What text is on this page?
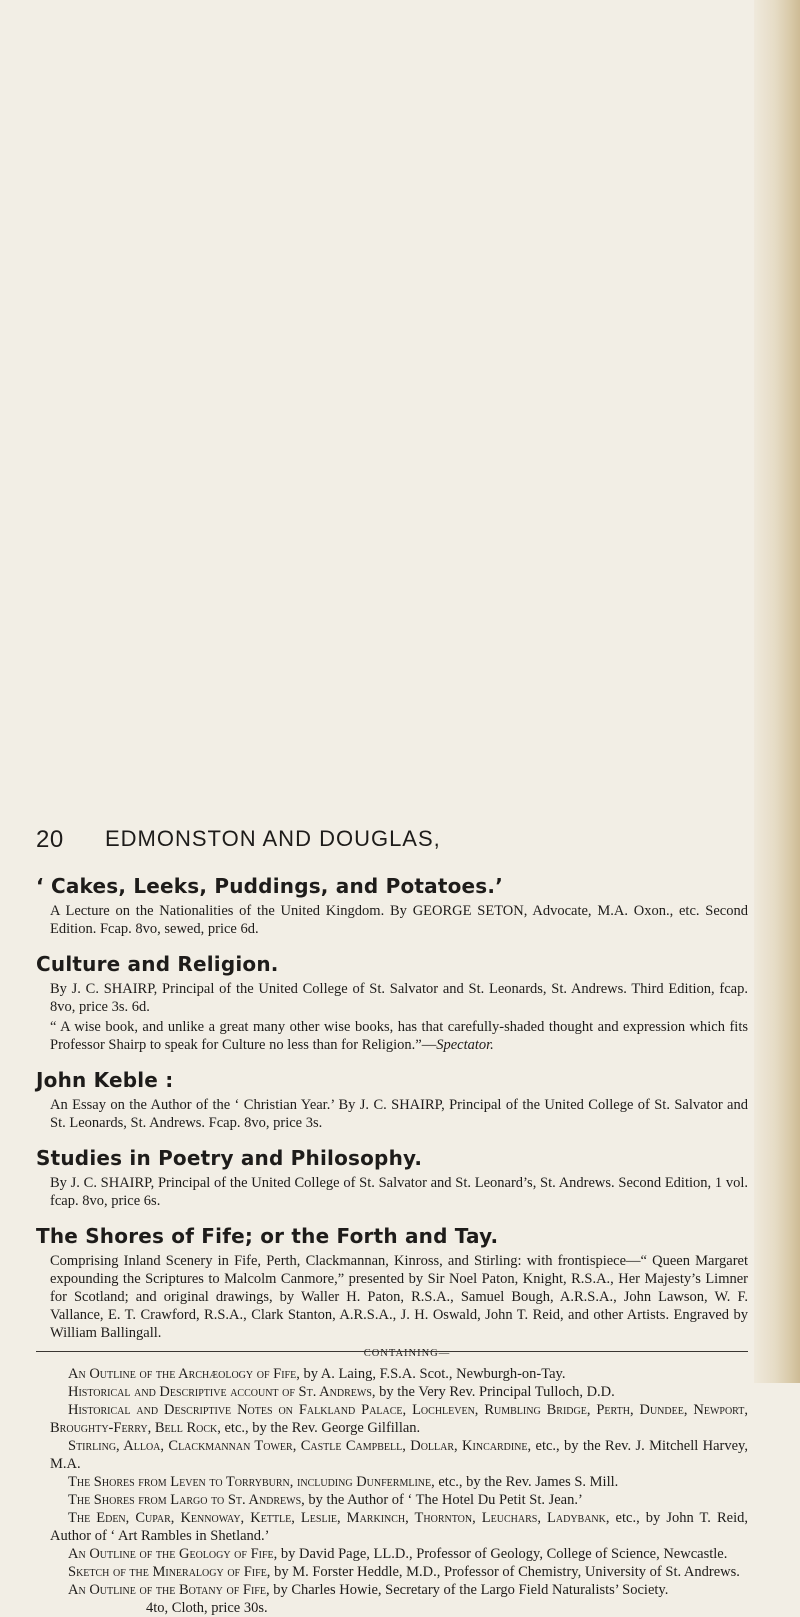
20 EDMONSTON AND DOUGLAS,
‘ Cakes, Leeks, Puddings, and Potatoes.’

A Lecture on the Nationalities of the United Kingdom. By GEORGE SETON, Advocate, M.A. Oxon., etc. Second Edition. Fcap. 8vo, sewed, price 6d.

Culture and Religion.

By J. C. SHAIRP, Principal of the United College of St. Salvator and St. Leonards, St. Andrews. Third Edition, fcap. 8vo, price 3s. 6d.

“ A wise book, and unlike a great many other wise books, has that carefully-shaded thought and expression which fits Professor Shairp to speak for Culture no less than for Religion.”—Spectator.

John Keble :

An Essay on the Author of the ‘ Christian Year.’ By J. C. SHAIRP, Principal of the United College of St. Salvator and St. Leonards, St. Andrews. Fcap. 8vo, price 3s.

Studies in Poetry and Philosophy.

By J. C. SHAIRP, Principal of the United College of St. Salvator and St. Leonard’s, St. Andrews. Second Edition, 1 vol. fcap. 8vo, price 6s.

The Shores of Fife; or the Forth and Tay.

Comprising Inland Scenery in Fife, Perth, Clackmannan, Kinross, and Stirling: with frontispiece—“ Queen Margaret expounding the Scriptures to Malcolm Canmore,” presented by Sir Noel Paton, Knight, R.S.A., Her Majesty’s Limner for Scotland; and original drawings, by Waller H. Paton, R.S.A., Samuel Bough, A.R.S.A., John Lawson, W. F. Vallance, E. T. Crawford, R.S.A., Clark Stanton, A.R.S.A., J. H. Oswald, John T. Reid, and other Artists. Engraved by William Ballingall.

CONTAINING—

An Outline of the Archæology of Fife, by A. Laing, F.S.A. Scot., Newburgh-on-Tay.

Historical and Descriptive account of St. Andrews, by the Very Rev. Principal Tulloch, D.D.

Historical and Descriptive Notes on Falkland Palace, Lochleven, Rumbling Bridge, Perth, Dundee, Newport, Broughty-Ferry, Bell Rock, etc., by the Rev. George Gilfillan.

Stirling, Alloa, Clackmannan Tower, Castle Campbell, Dollar, Kincardine, etc., by the Rev. J. Mitchell Harvey, M.A.

The Shores from Leven to Torryburn, including Dunfermline, etc., by the Rev. James S. Mill.

The Shores from Largo to St. Andrews, by the Author of ‘ The Hotel Du Petit St. Jean.’

The Eden, Cupar, Kennoway, Kettle, Leslie, Markinch, Thornton, Leuchars, Ladybank, etc., by John T. Reid, Author of ‘ Art Rambles in Shetland.’

An Outline of the Geology of Fife, by David Page, LL.D., Professor of Geology, College of Science, Newcastle.

Sketch of the Mineralogy of Fife, by M. Forster Heddle, M.D., Professor of Chemistry, University of St. Andrews.

An Outline of the Botany of Fife, by Charles Howie, Secretary of the Largo Field Naturalists’ Society.

4to, Cloth, price 30s.
